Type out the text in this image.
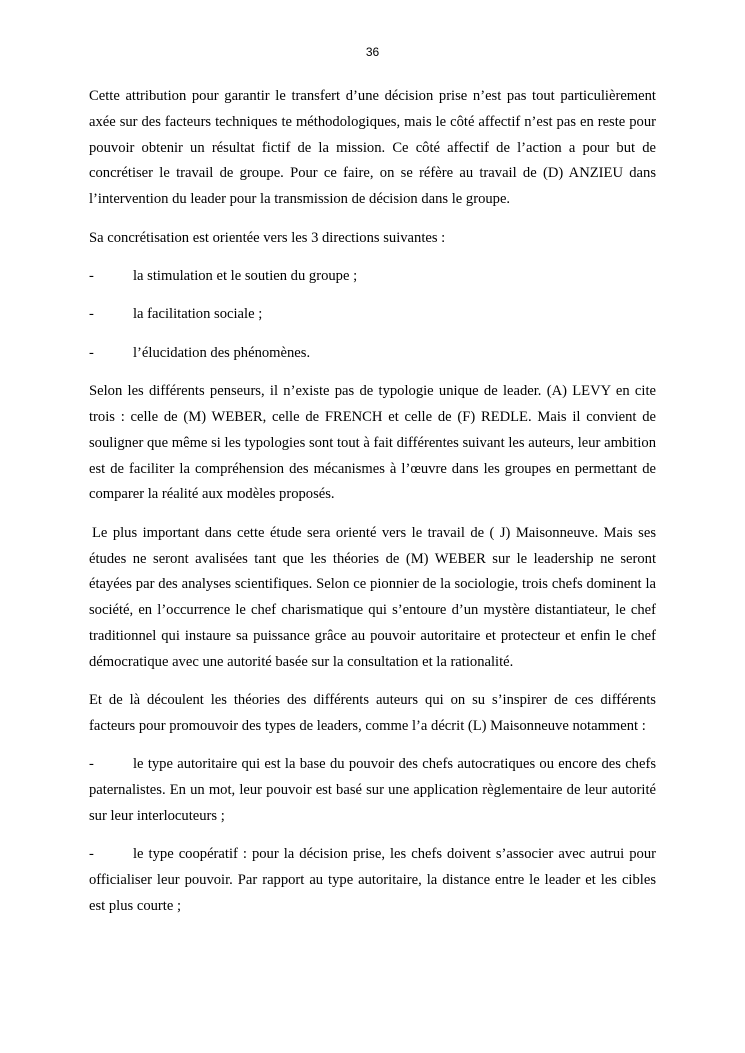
36

Cette attribution pour garantir le transfert d’une décision prise n’est pas tout particulièrement axée sur des facteurs techniques te méthodologiques, mais le côté affectif n’est pas en reste pour pouvoir obtenir un résultat fictif de la mission. Ce côté affectif de l’action a pour but de concrétiser le travail de groupe. Pour ce faire, on se réfère au travail de (D) ANZIEU dans l’intervention du leader pour la transmission de décision dans le groupe.

Sa concrétisation est orientée vers les 3 directions suivantes :

-	la stimulation et le soutien du groupe ;
-	la facilitation sociale ;
-	l’élucidation des phénomènes.

Selon les différents penseurs, il n’existe pas de typologie unique de leader. (A) LEVY en cite trois : celle de (M) WEBER, celle de FRENCH et celle de (F) REDLE. Mais il convient de souligner que même si les typologies sont tout à fait différentes suivant les auteurs, leur ambition est de faciliter la compréhension des mécanismes à l’œuvre dans les groupes en permettant de comparer la réalité aux modèles proposés.

Le plus important dans cette étude sera orienté vers le travail de ( J) Maisonneuve. Mais ses études ne seront avalisées tant que les théories de (M) WEBER sur le leadership ne seront étayées par des analyses scientifiques. Selon ce pionnier de la sociologie, trois chefs dominent la société, en l’occurrence le chef charismatique qui s’entoure d’un mystère distantiateur, le chef traditionnel qui instaure sa puissance grâce au pouvoir autoritaire et protecteur et enfin le chef démocratique avec une autorité basée sur la consultation et la rationalité.

Et de là découlent les théories des différents auteurs qui on su s’inspirer de ces différents facteurs pour promouvoir des types de leaders, comme l’a décrit (L) Maisonneuve notamment :

-	le type autoritaire qui est la base du pouvoir des chefs autocratiques ou encore des chefs paternalistes. En un mot, leur pouvoir est basé sur une application règlementaire de leur autorité sur leur interlocuteurs ;
-	le type coopératif : pour la décision prise, les chefs doivent s’associer avec autrui pour officialiser leur pouvoir. Par rapport au type autoritaire, la distance entre le leader et les cibles est plus courte ;
